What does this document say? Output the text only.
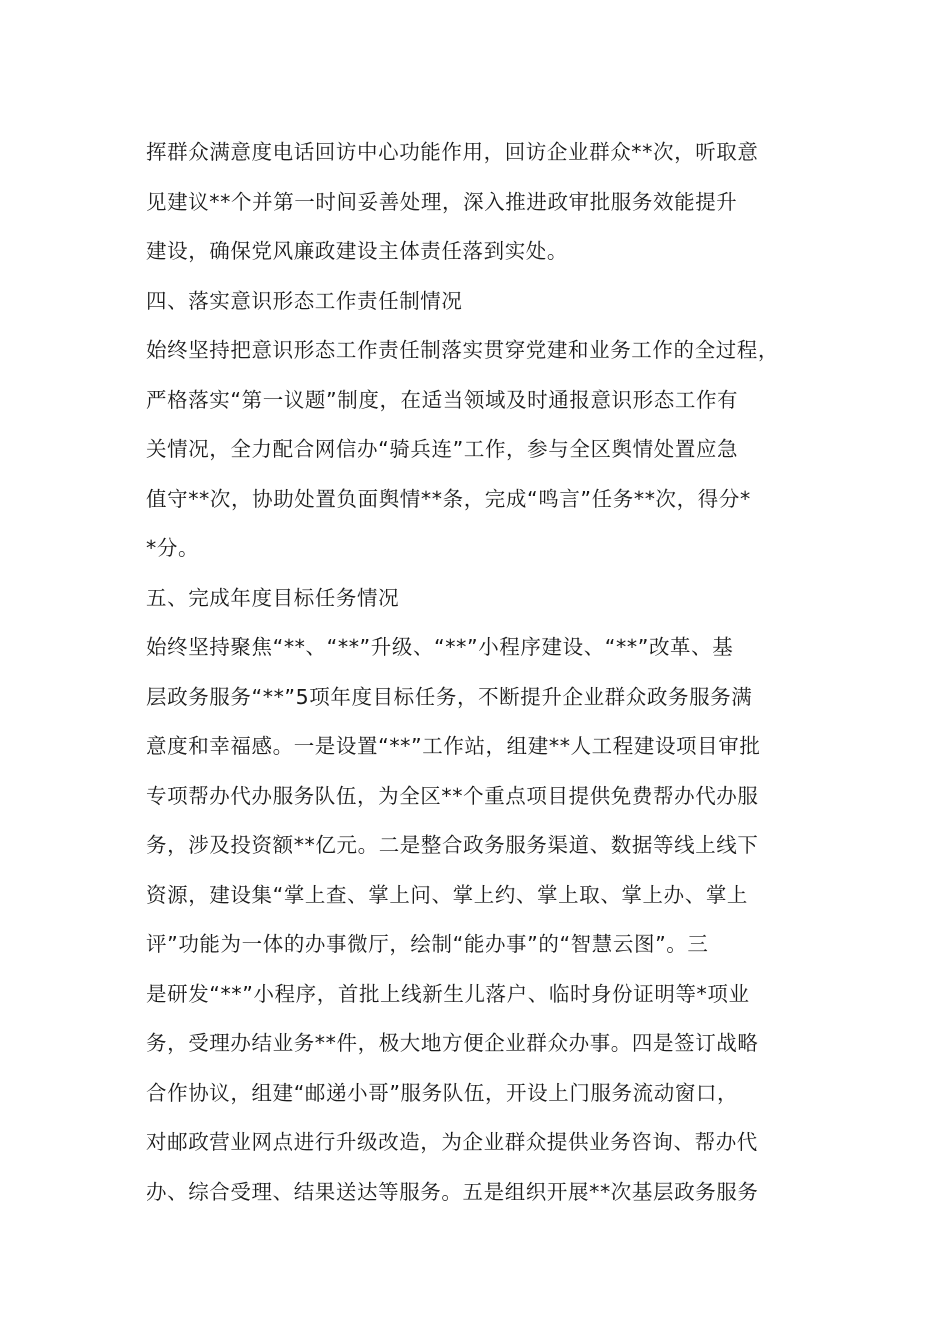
挥群众满意度电话回访中心功能作用，回访企业群众**次，听取意
见建议**个并第一时间妥善处理，深入推进政审批服务效能提升
建设，确保党风廉政建设主体责任落到实处。
四、落实意识形态工作责任制情况
始终坚持把意识形态工作责任制落实贯穿党建和业务工作的全过程，
严格落实“第一议题”制度，在适当领域及时通报意识形态工作有
关情况，全力配合网信办“骑兵连”工作，参与全区舆情处置应急
值守**次，协助处置负面舆情**条，完成“鸣言”任务**次，得分*
*分。
五、完成年度目标任务情况
始终坚持聚焦“**、“**”升级、“**”小程序建设、“**”改革、基
层政务服务“**”5项年度目标任务，不断提升企业群众政务服务满
意度和幸福感。一是设置“**”工作站，组建**人工程建设项目审批
专项帮办代办服务队伍，为全区**个重点项目提供免费帮办代办服
务，涉及投资额**亿元。二是整合政务服务渠道、数据等线上线下
资源，建设集“掌上查、掌上问、掌上约、掌上取、掌上办、掌上
评”功能为一体的办事微厅，绘制“能办事”的“智慧云图”。三
是研发“**”小程序，首批上线新生儿落户、临时身份证明等*项业
务，受理办结业务**件，极大地方便企业群众办事。四是签订战略
合作协议，组建“邮递小哥”服务队伍，开设上门服务流动窗口，
对邮政营业网点进行升级改造，为企业群众提供业务咨询、帮办代
办、综合受理、结果送达等服务。五是组织开展**次基层政务服务
